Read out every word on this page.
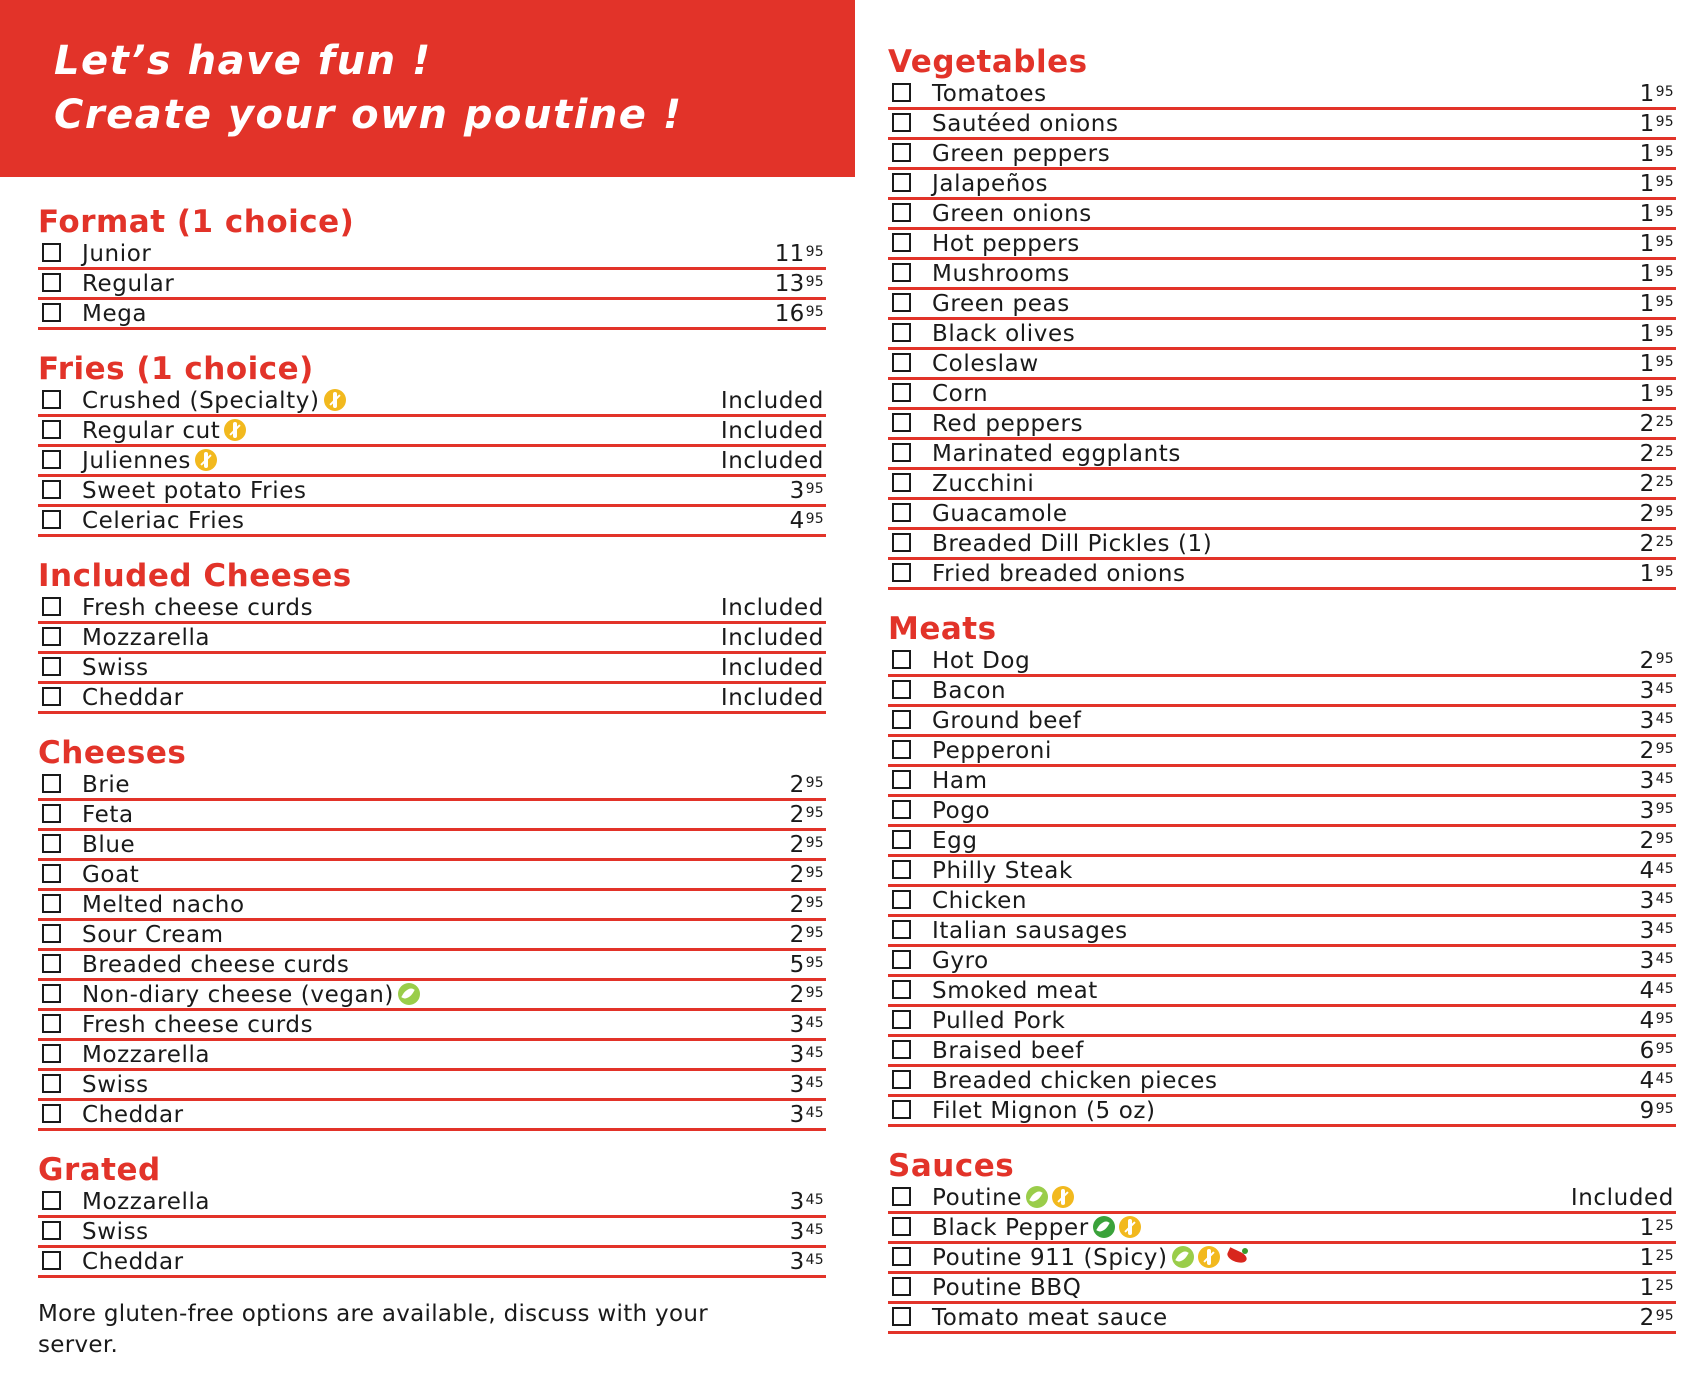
Let’s have fun !
Create your own poutine !
Format (1 choice)
Junior	$11^{95}$
Regular	$13^{95}$
Mega	$16^{95}$
Fries (1 choice)
Crushed (Specialty)	Included
Regular cut	Included
Juliennes	Included
Sweet potato Fries	$3^{95}$
Celeriac Fries	$4^{95}$
Included Cheeses
Fresh cheese curds	Included
Mozzarella	Included
Swiss	Included
Cheddar	Included
Cheeses
Brie	$2^{95}$
Feta	$2^{95}$
Blue	$2^{95}$
Goat	$2^{95}$
Melted nacho	$2^{95}$
Sour Cream	$2^{95}$
Breaded cheese curds	$5^{95}$
Non-diary cheese (vegan)	$2^{95}$
Fresh cheese curds	$3^{45}$
Mozzarella	$3^{45}$
Swiss	$3^{45}$
Cheddar	$3^{45}$
Grated
Mozzarella	$3^{45}$
Swiss	$3^{45}$
Cheddar	$3^{45}$
More gluten-free options are available, discuss with your server.
Vegetables
Tomatoes	$1^{95}$
Sautéed onions	$1^{95}$
Green peppers	$1^{95}$
Jalapeños	$1^{95}$
Green onions	$1^{95}$
Hot peppers	$1^{95}$
Mushrooms	$1^{95}$
Green peas	$1^{95}$
Black olives	$1^{95}$
Coleslaw	$1^{95}$
Corn	$1^{95}$
Red peppers	$2^{25}$
Marinated eggplants	$2^{25}$
Zucchini	$2^{25}$
Guacamole	$2^{95}$
Breaded Dill Pickles (1)	$2^{25}$
Fried breaded onions	$1^{95}$
Meats
Hot Dog	$2^{95}$
Bacon	$3^{45}$
Ground beef	$3^{45}$
Pepperoni	$2^{95}$
Ham	$3^{45}$
Pogo	$3^{95}$
Egg	$2^{95}$
Philly Steak	$4^{45}$
Chicken	$3^{45}$
Italian sausages	$3^{45}$
Gyro	$3^{45}$
Smoked meat	$4^{45}$
Pulled Pork	$4^{95}$
Braised beef	$6^{95}$
Breaded chicken pieces	$4^{45}$
Filet Mignon (5 oz)	$9^{95}$
Sauces
Poutine	Included
Black Pepper	$1^{25}$
Poutine 911 (Spicy)	$1^{25}$
Poutine BBQ	$1^{25}$
Tomato meat sauce	$2^{95}$
